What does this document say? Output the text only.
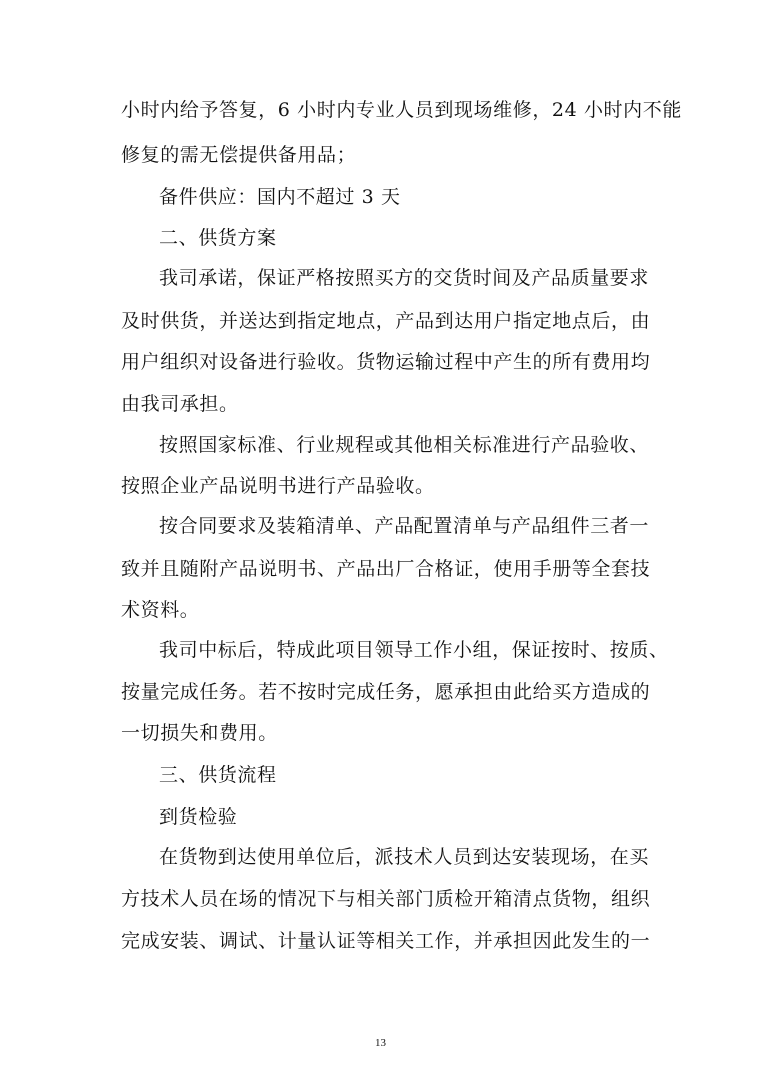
小时内给予答复，6 小时内专业人员到现场维修，24 小时内不能
修复的需无偿提供备用品；
备件供应：国内不超过 3 天
二、供货方案
我司承诺，保证严格按照买方的交货时间及产品质量要求
及时供货，并送达到指定地点，产品到达用户指定地点后，由
用户组织对设备进行验收。货物运输过程中产生的所有费用均
由我司承担。
按照国家标准、行业规程或其他相关标准进行产品验收、
按照企业产品说明书进行产品验收。
按合同要求及装箱清单、产品配置清单与产品组件三者一
致并且随附产品说明书、产品出厂合格证，使用手册等全套技
术资料。
我司中标后，特成此项目领导工作小组，保证按时、按质、
按量完成任务。若不按时完成任务，愿承担由此给买方造成的
一切损失和费用。
三、供货流程
到货检验
在货物到达使用单位后，派技术人员到达安装现场，在买
方技术人员在场的情况下与相关部门质检开箱清点货物，组织
完成安装、调试、计量认证等相关工作，并承担因此发生的一
13
